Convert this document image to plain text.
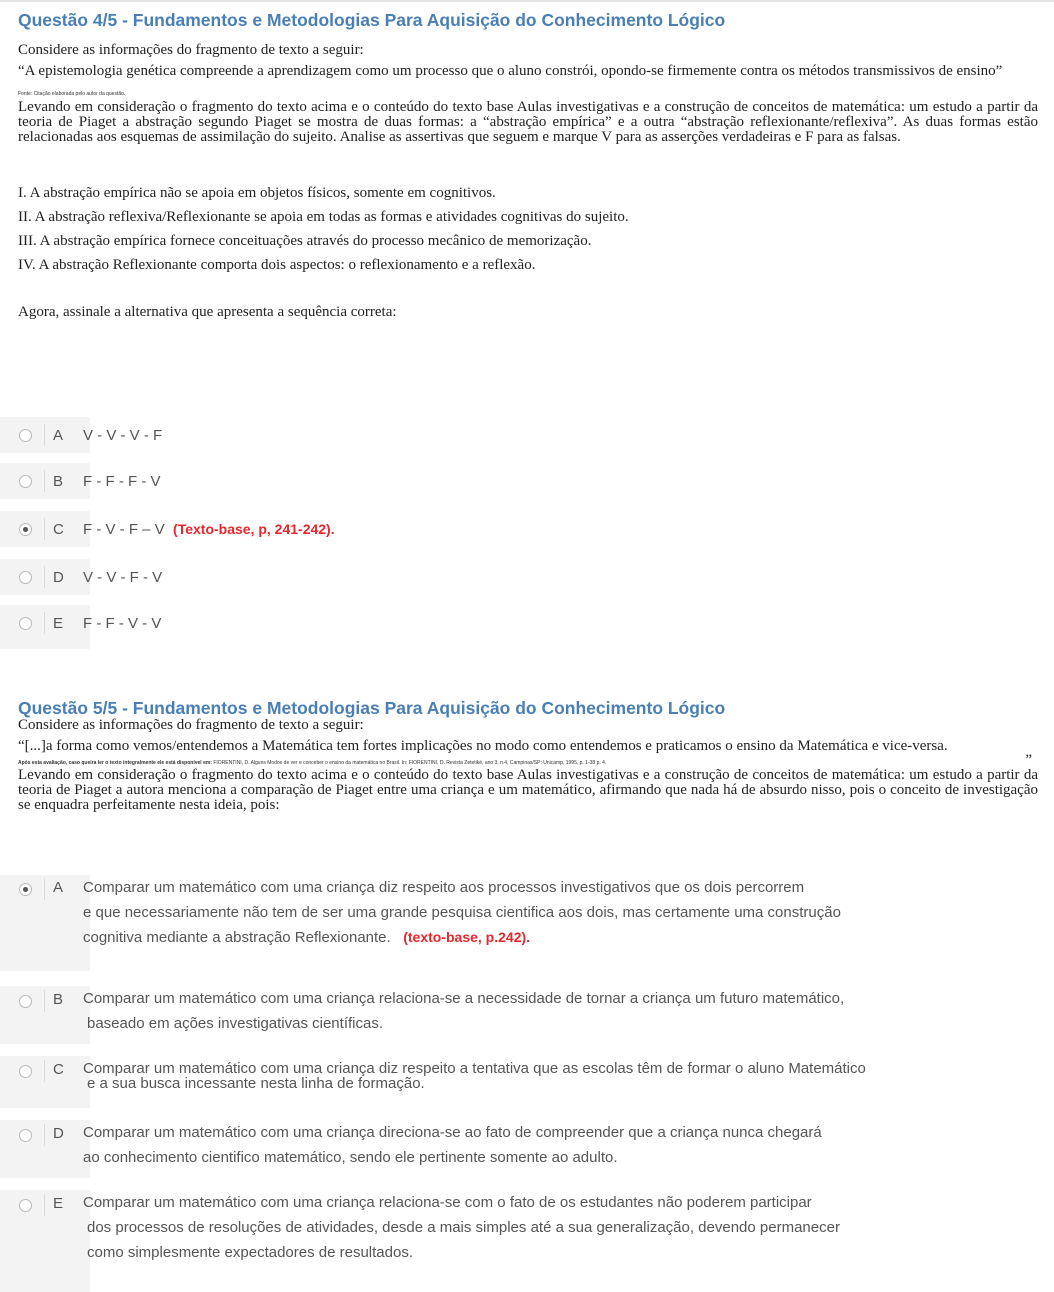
Questão 4/5 - Fundamentos e Metodologias Para Aquisição do Conhecimento Lógico

Considere as informações do fragmento de texto a seguir:

“A epistemologia genética compreende a aprendizagem como um processo que o aluno constrói, opondo-se firmemente contra os métodos transmissivos de ensino”

Fonte: Citação elaborada pelo autor da questão.

Levando em consideração o fragmento do texto acima e o conteúdo do texto base Aulas investigativas e a construção de conceitos de matemática: um estudo a partir da teoria de Piaget a abstração segundo Piaget se mostra de duas formas: a “abstração empírica” e a outra “abstração reflexionante/reflexiva”. As duas formas estão relacionadas aos esquemas de assimilação do sujeito. Analise as assertivas que seguem e marque V para as asserções verdadeiras e F para as falsas.

I. A abstração empírica não se apoia em objetos físicos, somente em cognitivos.

II. A abstração reflexiva/Reflexionante se apoia em todas as formas e atividades cognitivas do sujeito.

III. A abstração empírica fornece conceituações através do processo mecânico de memorização.

IV. A abstração Reflexionante comporta dois aspectos: o reflexionamento e a reflexão.

Agora, assinale a alternativa que apresenta a sequência correta:

A	V - V - V - F
B	F - F - F - V
C	F - V - F – V (Texto-base, p, 241-242).
D	V - V - F - V
E	F - F - V - V
Questão 5/5 - Fundamentos e Metodologias Para Aquisição do Conhecimento Lógico

Considere as informações do fragmento de texto a seguir:

“[...]a forma como vemos/entendemos a Matemática tem fortes implicações no modo como entendemos e praticamos o ensino da Matemática e vice-versa.

”

Após esta avaliação, caso queira ler o texto integralmente ele está disponível em: FIORENTINI, D. Alguns Modos de ver e conceber o ensino da matemática no Brasil. In: FIORENTINI, D. Revista Zetetiké, ano 3, n.4, Campinas/SP: Unicamp, 1995, p. 1-38 p. 4.

Levando em consideração o fragmento do texto acima e o conteúdo do texto base Aulas investigativas e a construção de conceitos de matemática: um estudo a partir da teoria de Piaget a autora menciona a comparação de Piaget entre uma criança e um matemático, afirmando que nada há de absurdo nisso, pois o conceito de investigação se enquadra perfeitamente nesta ideia, pois:

A	Comparar um matemático com uma criança diz respeito aos processos investigativos que os dois percorrem
e que necessariamente não tem de ser uma grande pesquisa cientifica aos dois, mas certamente uma construção
cognitiva mediante a abstração Reflexionante. (texto-base, p.242).
B	Comparar um matemático com uma criança relaciona-se a necessidade de tornar a criança um futuro matemático,
baseado em ações investigativas científicas.
C	Comparar um matemático com uma criança diz respeito a tentativa que as escolas têm de formar o aluno Matemático
e a sua busca incessante nesta linha de formação.
D	Comparar um matemático com uma criança direciona-se ao fato de compreender que a criança nunca chegará
ao conhecimento cientifico matemático, sendo ele pertinente somente ao adulto.
E	Comparar um matemático com uma criança relaciona-se com o fato de os estudantes não poderem participar
dos processos de resoluções de atividades, desde a mais simples até a sua generalização, devendo permanecer
como simplesmente expectadores de resultados.
